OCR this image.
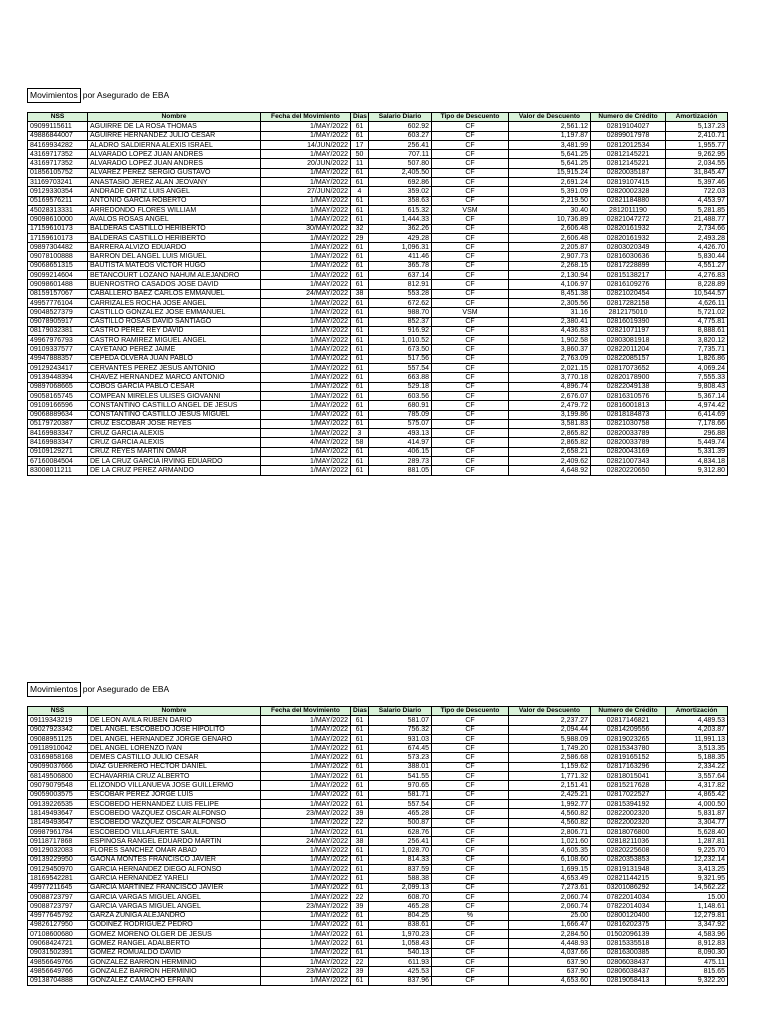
Movimientos por Asegurado de EBA
NSS	Nombre	Fecha del Movimiento	Dias	Salario Diario	Tipo de Descuento	Valor de Descuento	Numero de Crédito	Amortización
09099115611	AGUIRRE DE LA ROSA THOMAS	1/MAY/2022	61	602.92	CF	2,561.12	02819104027	5,137.23
49886844007	AGUIRRE HERNANDEZ JULIO CESAR	1/MAY/2022	61	603.27	CF	1,197.87	02899017978	2,410.71
84169934282	ALADRO SALDIERNA ALEXIS ISRAEL	14/JUN/2022	17	256.41	CF	3,481.99	02812012534	1,955.77
43169717352	ALVARADO LOPEZ JUAN ANDRES	1/MAY/2022	50	707.11	CF	5,641.25	02812145221	9,262.95
43169717352	ALVARADO LOPEZ JUAN ANDRES	20/JUN/2022	11	507.80	CF	5,641.25	02812145221	2,034.55
01856105752	ALVAREZ PEREZ SERGIO GUSTAVO	1/MAY/2022	61	2,405.50	CF	15,915.24	02820035187	31,845.47
31169703241	ANASTASIO JEREZ ALAN JEOVANY	1/MAY/2022	61	692.86	CF	2,691.24	02819107415	5,397.46
09129330354	ANDRADE ORTIZ LUIS ANGEL	27/JUN/2022	4	359.02	CF	5,391.09	02820002328	722.03
05169576211	ANTONIO GARCIA ROBERTO	1/MAY/2022	61	358.63	CF	2,219.50	02821184880	4,453.97
45028313331	ARREDONDO FLORES WILLIAM	1/MAY/2022	61	615.32	VSM	30.40	2812011190	5,281.85
09098610000	AVALOS ROSAS ANGEL	1/MAY/2022	61	1,444.33	CF	10,736.89	02821047272	21,488.77
17159610173	BALDERAS CASTILLO HERIBERTO	30/MAY/2022	32	362.26	CF	2,606.48	02820161932	2,734.66
17159610173	BALDERAS CASTILLO HERIBERTO	1/MAY/2022	29	429.28	CF	2,606.48	02820161932	2,493.28
09897304482	BARRERA ALVIZO EDUARDO	1/MAY/2022	61	1,096.31	CF	2,205.87	02803020349	4,426.70
09078100888	BARRON DEL ANGEL LUIS MIGUEL	1/MAY/2022	61	411.46	CF	2,907.73	02816030636	5,830.44
09068651315	BAUTISTA MATEOS VICTOR HUGO	1/MAY/2022	61	365.78	CF	2,268.15	02817228899	4,551.27
09099214604	BETANCOURT LOZANO NAHUM ALEJANDRO	1/MAY/2022	61	637.14	CF	2,130.94	02815138217	4,276.83
09098601488	BUENROSTRO CASADOS JOSE DAVID	1/MAY/2022	61	812.91	CF	4,106.97	02816109276	8,228.89
08159157067	CABALLERO BAEZ CARLOS EMMANUEL	24/MAY/2022	38	553.28	CF	8,451.38	02821020454	10,544.57
49957776104	CARRIZALES ROCHA JOSE ANGEL	1/MAY/2022	61	672.62	CF	2,305.56	02817282158	4,626.11
09048527379	CASTILLO GONZALEZ JOSE EMMANUEL	1/MAY/2022	61	988.70	VSM	31.16	2812175010	5,721.02
09078905917	CASTILLO ROSAS DAVID SANTIAGO	1/MAY/2022	61	852.37	CF	2,380.41	02816019390	4,775.81
08179032381	CASTRO PEREZ REY DAVID	1/MAY/2022	61	916.92	CF	4,436.83	02821071197	8,888.61
49967976793	CASTRO RAMIREZ MIGUEL ANGEL	1/MAY/2022	61	1,010.52	CF	1,902.58	02803081918	3,820.12
09109337577	CAYETANO PEREZ JAIME	1/MAY/2022	61	673.50	CF	3,860.37	02822011204	7,735.71
49947888357	CEPEDA OLVERA JUAN PABLO	1/MAY/2022	61	517.56	CF	2,763.09	02822085157	1,826.86
09129243417	CERVANTES PEREZ JESUS ANTONIO	1/MAY/2022	61	557.54	CF	2,021.15	02817073652	4,069.24
09139448394	CHAVEZ HERNANDEZ MARCO ANTONIO	1/MAY/2022	61	663.88	CF	3,770.18	02820178900	7,555.33
09897068665	COBOS GARCIA PABLO CESAR	1/MAY/2022	61	529.18	CF	4,896.74	02822049138	9,808.43
09058165745	COMPEAN MIRELES ULISES GIOVANNI	1/MAY/2022	61	603.56	CF	2,676.07	02816310576	5,367.14
09109166596	CONSTANTINO CASTILLO ANGEL DE JESUS	1/MAY/2022	61	680.91	CF	2,479.72	02816001813	4,974.42
09068889634	CONSTANTINO CASTILLO JESUS MIGUEL	1/MAY/2022	61	785.09	CF	3,199.86	02818184873	6,414.69
05179720387	CRUZ ESCOBAR JOSE REYES	1/MAY/2022	61	575.07	CF	3,581.83	02821030758	7,178.66
84169983347	CRUZ GARCIA ALEXIS	1/MAY/2022	3	493.13	CF	2,865.82	02820033789	296.88
84169983347	CRUZ GARCIA ALEXIS	4/MAY/2022	58	414.97	CF	2,865.82	02820033789	5,449.74
09109129271	CRUZ REYES MARTIN OMAR	1/MAY/2022	61	406.15	CF	2,658.21	02820043169	5,331.39
67160084504	DE LA CRUZ GARCIA IRVING EDUARDO	1/MAY/2022	61	289.73	CF	2,409.62	02821007343	4,834.18
83008011211	DE LA CRUZ PEREZ ARMANDO	1/MAY/2022	61	881.05	CF	4,648.92	02820220650	9,312.80
Movimientos por Asegurado de EBA
NSS	Nombre	Fecha del Movimiento	Dias	Salario Diario	Tipo de Descuento	Valor de Descuento	Numero de Crédito	Amortización
09119343219	DE LEON AVILA RUBEN DARIO	1/MAY/2022	61	581.07	CF	2,237.27	02817146821	4,489.53
09027923342	DEL ANGEL ESCOBEDO JOSE HIPOLITO	1/MAY/2022	61	756.32	CF	2,094.44	02814209556	4,203.87
09088951125	DEL ANGEL HERNANDEZ JORGE GENARO	1/MAY/2022	61	931.03	CF	5,988.09	02819023265	11,991.13
09118910042	DEL ANGEL LORENZO IVAN	1/MAY/2022	61	674.45	CF	1,749.20	02815343780	3,513.35
03169858168	DEMES CASTILLO JULIO CESAR	1/MAY/2022	61	573.23	CF	2,586.68	02819165152	5,188.35
09099037666	DIAZ GUERRERO HECTOR DANIEL	1/MAY/2022	61	388.01	CF	1,159.62	02817163296	2,334.22
68149506800	ECHAVARRIA CRUZ ALBERTO	1/MAY/2022	61	541.55	CF	1,771.32	02818015041	3,557.64
09079079548	ELIZONDO VILLANUEVA JOSE GUILLERMO	1/MAY/2022	61	970.65	CF	2,151.41	02815217628	4,317.82
09059003575	ESCOBAR PEREZ JORGE LUIS	1/MAY/2022	61	581.71	CF	2,425.21	02817022527	4,865.42
09139226535	ESCOBEDO HERNANDEZ LUIS FELIPE	1/MAY/2022	61	557.54	CF	1,992.77	02815394192	4,000.50
18149493647	ESCOBEDO VAZQUEZ OSCAR ALFONSO	23/MAY/2022	39	465.28	CF	4,560.82	02822002320	5,831.87
18149493647	ESCOBEDO VAZQUEZ OSCAR ALFONSO	1/MAY/2022	22	500.87	CF	4,560.82	02822002320	3,304.77
09987961784	ESCOBEDO VILLAFUERTE SAUL	1/MAY/2022	61	628.76	CF	2,806.71	02818076800	5,628.40
09118717868	ESPINOSA RANGEL EDUARDO MARTIN	24/MAY/2022	38	256.41	CF	1,021.60	02818211036	1,287.81
09129032083	FLORES SANCHEZ OMAR ABAD	1/MAY/2022	61	1,028.70	CF	4,605.35	02820225608	9,225.70
09139229950	GAONA MONTES FRANCISCO JAVIER	1/MAY/2022	61	814.33	CF	6,108.60	02820353853	12,232.14
09129450970	GARCIA HERNANDEZ DIEGO ALFONSO	1/MAY/2022	61	837.59	CF	1,699.15	02819131948	3,413.25
18169542281	GARCIA HERNANDEZ YARELI	1/MAY/2022	61	588.38	CF	4,653.49	02821144215	9,321.95
49977211645	GARCIA MARTINEZ FRANCISCO JAVIER	1/MAY/2022	61	2,099.13	CF	7,273.61	03201086292	14,562.22
09088723797	GARCIA VARGAS MIGUEL ANGEL	1/MAY/2022	22	608.70	CF	2,060.74	07822014034	15.00
09088723797	GARCIA VARGAS MIGUEL ANGEL	23/MAY/2022	39	465.28	CF	2,060.74	07822014034	1,148.61
49977645792	GARZA ZUÑIGA ALEJANDRO	1/MAY/2022	61	804.25	%	25.00	02800120400	12,279.81
49826127950	GODINEZ RODRIGUEZ PEDRO	1/MAY/2022	61	838.61	CF	1,666.47	02816202375	3,347.92
07108600680	GOMEZ MORENO OLGER DE JESUS	1/MAY/2022	61	1,970.23	CF	2,284.50	01502096139	4,583.96
09068424721	GOMEZ RANGEL ADALBERTO	1/MAY/2022	61	1,058.43	CF	4,448.93	02815335518	8,912.83
09031502391	GOMEZ ROMUALDO DAVID	1/MAY/2022	61	540.13	CF	4,037.66	02816300385	8,090.30
49856649766	GONZALEZ BARRON HERMINIO	1/MAY/2022	22	611.93	CF	637.90	02806038437	475.11
49856649766	GONZALEZ BARRON HERMINIO	23/MAY/2022	39	425.53	CF	637.90	02806038437	815.65
09138704888	GONZALEZ CAMACHO EFRAIN	1/MAY/2022	61	837.96	CF	4,653.60	02819058413	9,322.20
